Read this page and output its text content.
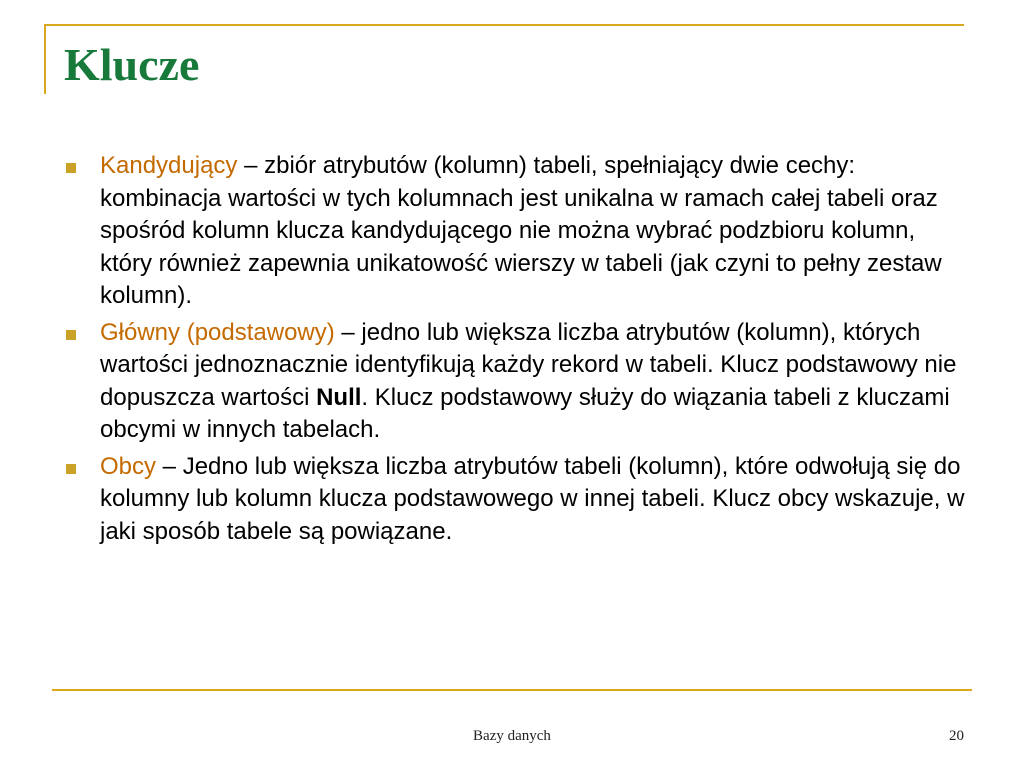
Klucze
Kandydujący – zbiór atrybutów (kolumn) tabeli, spełniający dwie cechy: kombinacja wartości w tych kolumnach jest unikalna w ramach całej tabeli oraz spośród kolumn klucza kandydującego nie można wybrać podzbioru kolumn, który również zapewnia unikatowość wierszy w tabeli (jak czyni to pełny zestaw kolumn).
Główny (podstawowy) – jedno lub większa liczba atrybutów (kolumn), których wartości jednoznacznie identyfikują każdy rekord w tabeli. Klucz podstawowy nie dopuszcza wartości Null. Klucz podstawowy służy do wiązania tabeli z kluczami obcymi w innych tabelach.
Obcy – Jedno lub większa liczba atrybutów tabeli (kolumn), które odwołują się do kolumny lub kolumn klucza podstawowego w innej tabeli. Klucz obcy wskazuje, w jaki sposób tabele są powiązane.
Bazy danych	20
